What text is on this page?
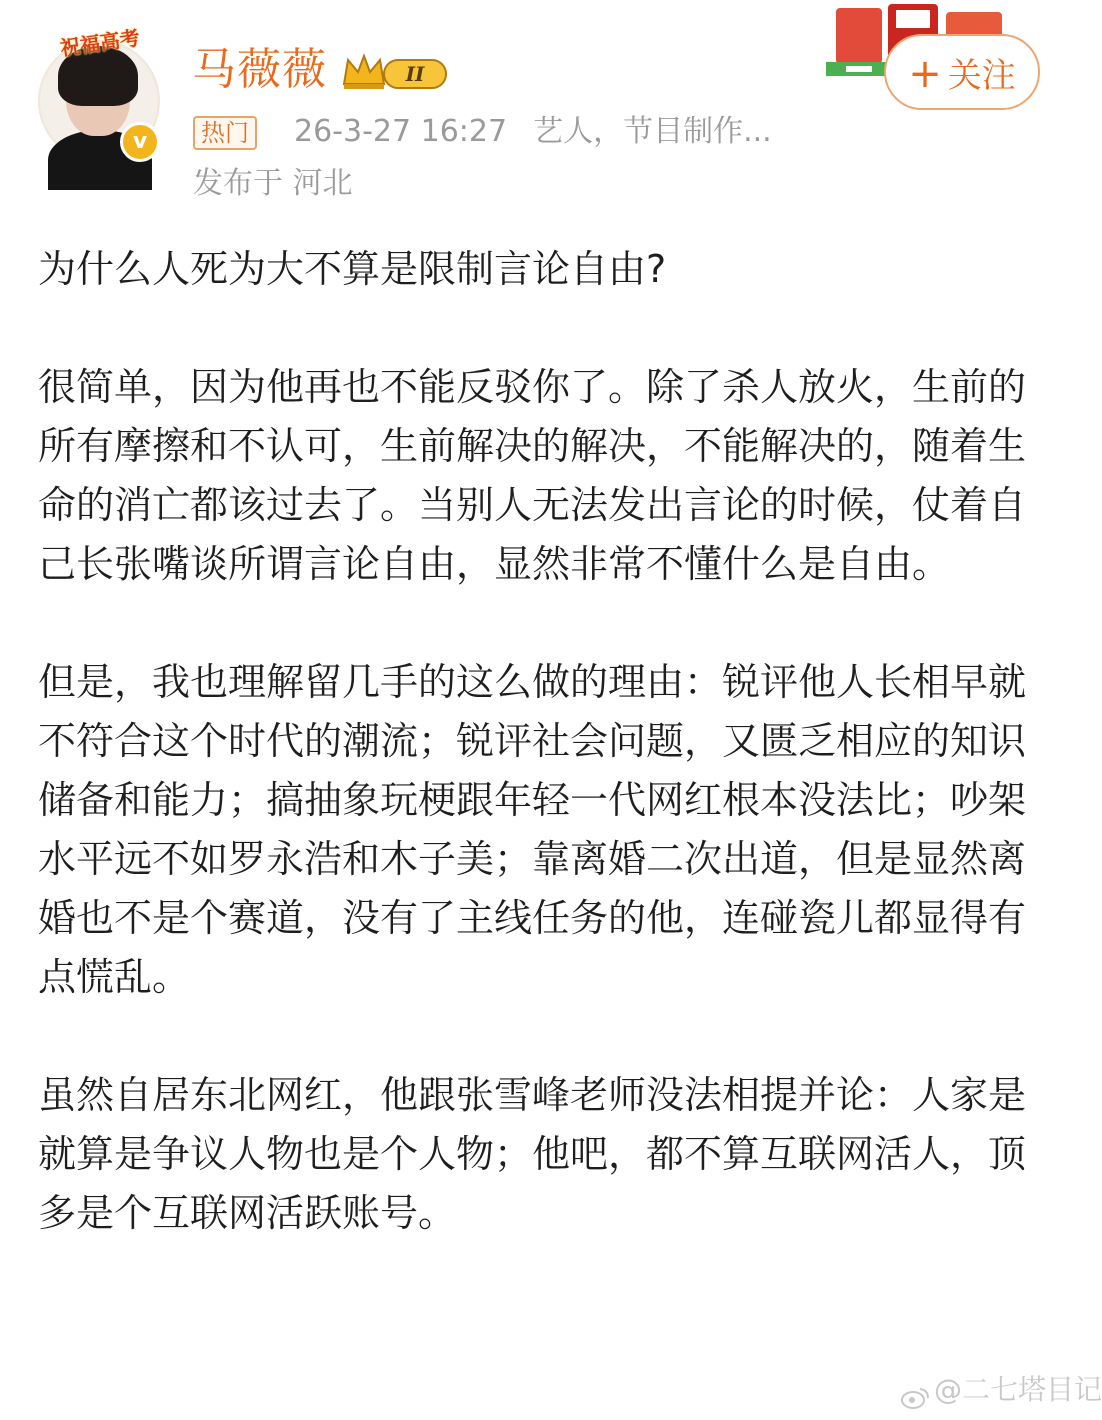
祝福高考
v
马薇薇	II
热门 26-3-27 16:27 艺人，节目制作...
发布于 河北
+ 关注

为什么人死为大不算是限制言论自由?

很简单，因为他再也不能反驳你了。除了杀人放火，生前的所有摩擦和不认可，生前解决的解决，不能解决的，随着生命的消亡都该过去了。当别人无法发出言论的时候，仗着自己长张嘴谈所谓言论自由，显然非常不懂什么是自由。

但是，我也理解留几手的这么做的理由：锐评他人长相早就不符合这个时代的潮流；锐评社会问题，又匮乏相应的知识储备和能力；搞抽象玩梗跟年轻一代网红根本没法比；吵架水平远不如罗永浩和木子美；靠离婚二次出道，但是显然离婚也不是个赛道，没有了主线任务的他，连碰瓷儿都显得有点慌乱。

虽然自居东北网红，他跟张雪峰老师没法相提并论：人家是就算是争议人物也是个人物；他吧，都不算互联网活人，顶多是个互联网活跃账号。

@二七塔目记
